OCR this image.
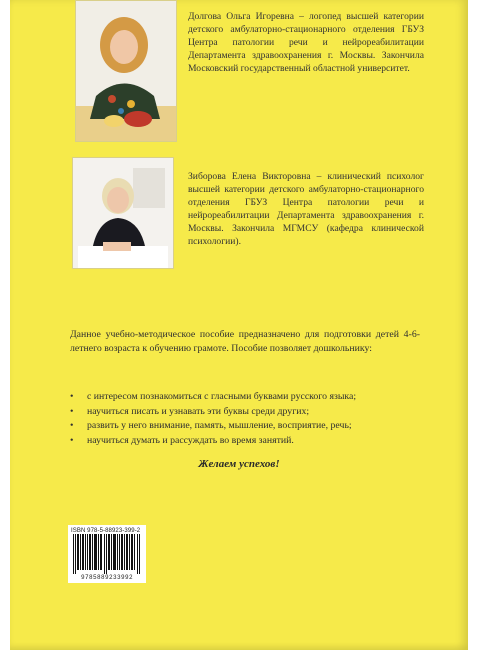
Долгова Ольга Игоревна – логопед высшей категории детского амбулаторно-стационарного отделения ГБУЗ Центра патологии речи и нейрореабилитации Департамента здравоохранения г. Москвы. Закончила Московский государственный областной университет.

Зиборова Елена Викторовна – клинический психолог высшей категории детского амбулаторно-стационарного отделения ГБУЗ Центра патологии речи и нейрореабилитации Департамента здравоохранения г. Москвы. Закончила МГМСУ (кафедра клинической психологии).

Данное учебно-методическое пособие предназначено для подготовки детей 4-6-летнего возраста к обучению грамоте. Пособие позволяет дошкольнику:

• с интересом познакомиться с гласными буквами русского языка;
• научиться писать и узнавать эти буквы среди других;
• развить у него внимание, память, мышление, восприятие, речь;
• научиться думать и рассуждать во время занятий.

Желаем успехов!

ISBN 978-5-88923-399-2
9785889233992
